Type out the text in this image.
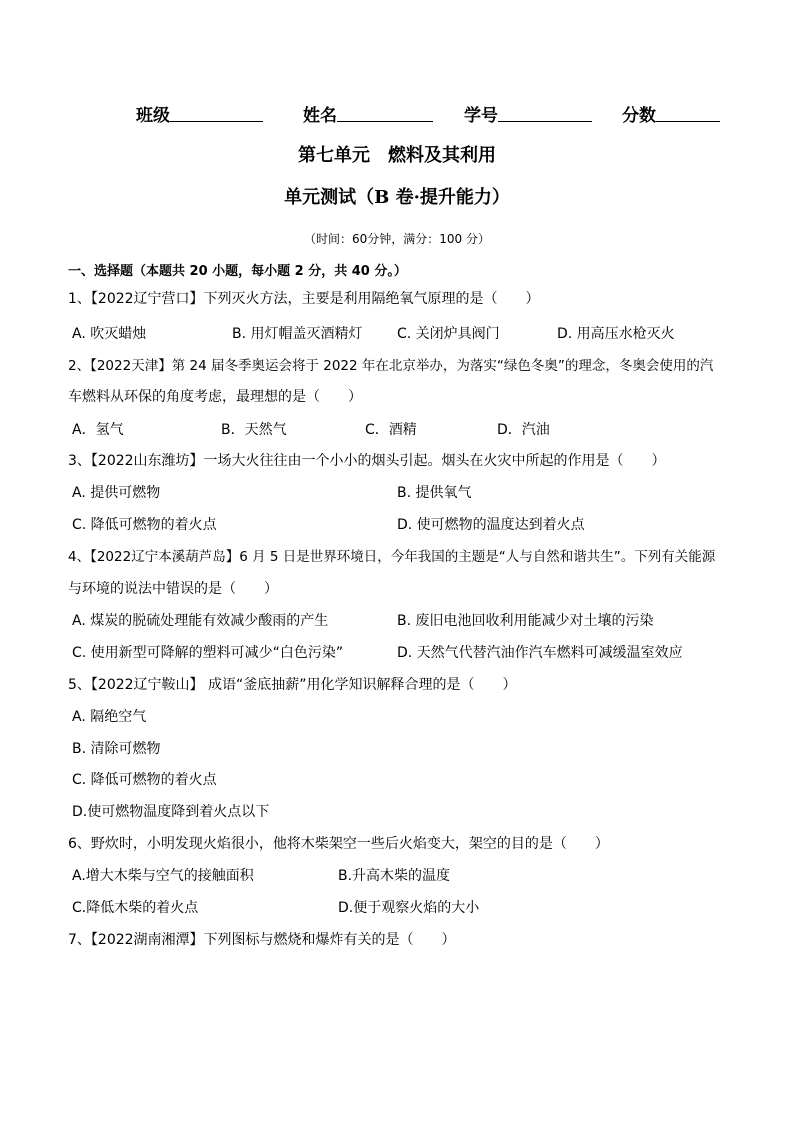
班级	姓名	学号	分数
第七单元　燃料及其利用
单元测试（B 卷·提升能力）
（时间：60分钟，满分：100 分）
一、选择题（本题共 20 小题，每小题 2 分，共 40 分。）
1、【2022辽宁营口】下列灭火方法，主要是利用隔绝氧气原理的是（　　）
A. 吹灭蜡烛	B. 用灯帽盖灭酒精灯 C. 关闭炉具阀门	D. 用高压水枪灭火
2、【2022天津】第 24 届冬季奥运会将于 2022 年在北京举办，为落实“绿色冬奥”的理念，冬奥会使用的汽
车燃料从环保的角度考虑，最理想的是（　　）
A．氢气	B．天然气	C．酒精	D．汽油
3、【2022山东潍坊】一场大火往往由一个小小的烟头引起。烟头在火灾中所起的作用是（　　）
A. 提供可燃物	B. 提供氧气
C. 降低可燃物的着火点	D. 使可燃物的温度达到着火点
4、【2022辽宁本溪葫芦岛】6 月 5 日是世界环境日，今年我国的主题是“人与自然和谐共生”。下列有关能源
与环境的说法中错误的是（　　）
A. 煤炭的脱硫处理能有效减少酸雨的产生	B. 废旧电池回收利用能减少对土壤的污染
C. 使用新型可降解的塑料可减少“白色污染”	D. 天然气代替汽油作汽车燃料可减缓温室效应
5、【2022辽宁鞍山】 成语“釜底抽薪”用化学知识解释合理的是（　　）
A. 隔绝空气
B. 清除可燃物
C. 降低可燃物的着火点
D.使可燃物温度降到着火点以下
6、野炊时，小明发现火焰很小，他将木柴架空一些后火焰变大，架空的目的是（　　）
A.增大木柴与空气的接触面积	B.升高木柴的温度
C.降低木柴的着火点	D.便于观察火焰的大小
7、【2022湖南湘潭】下列图标与燃烧和爆炸有关的是（　　）
